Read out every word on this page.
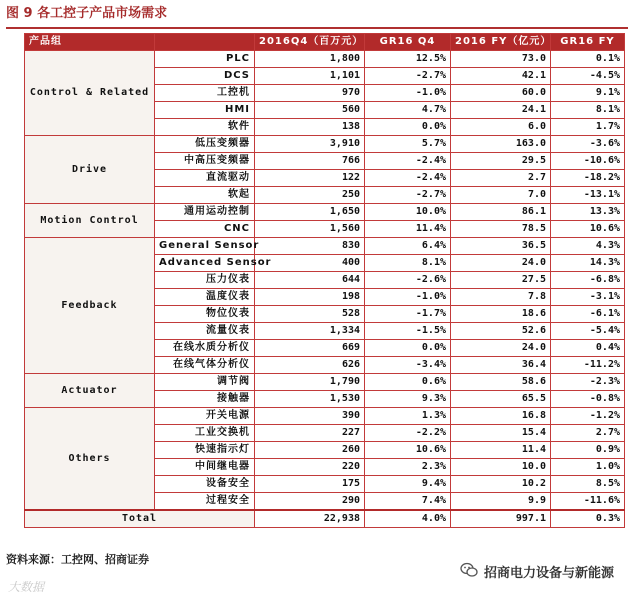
图 9 各工控子产品市场需求
产品组		2016Q4（百万元）	GR16 Q4	2016 FY（亿元）	GR16 FY
Control & Related	PLC	1,800	12.5%	73.0	0.1%
	DCS	1,101	-2.7%	42.1	-4.5%
	工控机	970	-1.0%	60.0	9.1%
	HMI	560	4.7%	24.1	8.1%
	软件	138	0.0%	6.0	1.7%
Drive	低压变频器	3,910	5.7%	163.0	-3.6%
	中高压变频器	766	-2.4%	29.5	-10.6%
	直流驱动	122	-2.4%	2.7	-18.2%
	软起	250	-2.7%	7.0	-13.1%
Motion Control	通用运动控制	1,650	10.0%	86.1	13.3%
	CNC	1,560	11.4%	78.5	10.6%
Feedback	General Sensor	830	6.4%	36.5	4.3%
	Advanced Sensor	400	8.1%	24.0	14.3%
	压力仪表	644	-2.6%	27.5	-6.8%
	温度仪表	198	-1.0%	7.8	-3.1%
	物位仪表	528	-1.7%	18.6	-6.1%
	流量仪表	1,334	-1.5%	52.6	-5.4%
	在线水质分析仪	669	0.0%	24.0	0.4%
	在线气体分析仪	626	-3.4%	36.4	-11.2%
Actuator	调节阀	1,790	0.6%	58.6	-2.3%
	接触器	1,530	9.3%	65.5	-0.8%
Others	开关电源	390	1.3%	16.8	-1.2%
	工业交换机	227	-2.2%	15.4	2.7%
	快速指示灯	260	10.6%	11.4	0.9%
	中间继电器	220	2.3%	10.0	1.0%
	设备安全	175	9.4%	10.2	8.5%
	过程安全	290	7.4%	9.9	-11.6%
Total		22,938	4.0%	997.1	0.3%
资料来源：工控网、招商证券
招商电力设备与新能源
大数据
